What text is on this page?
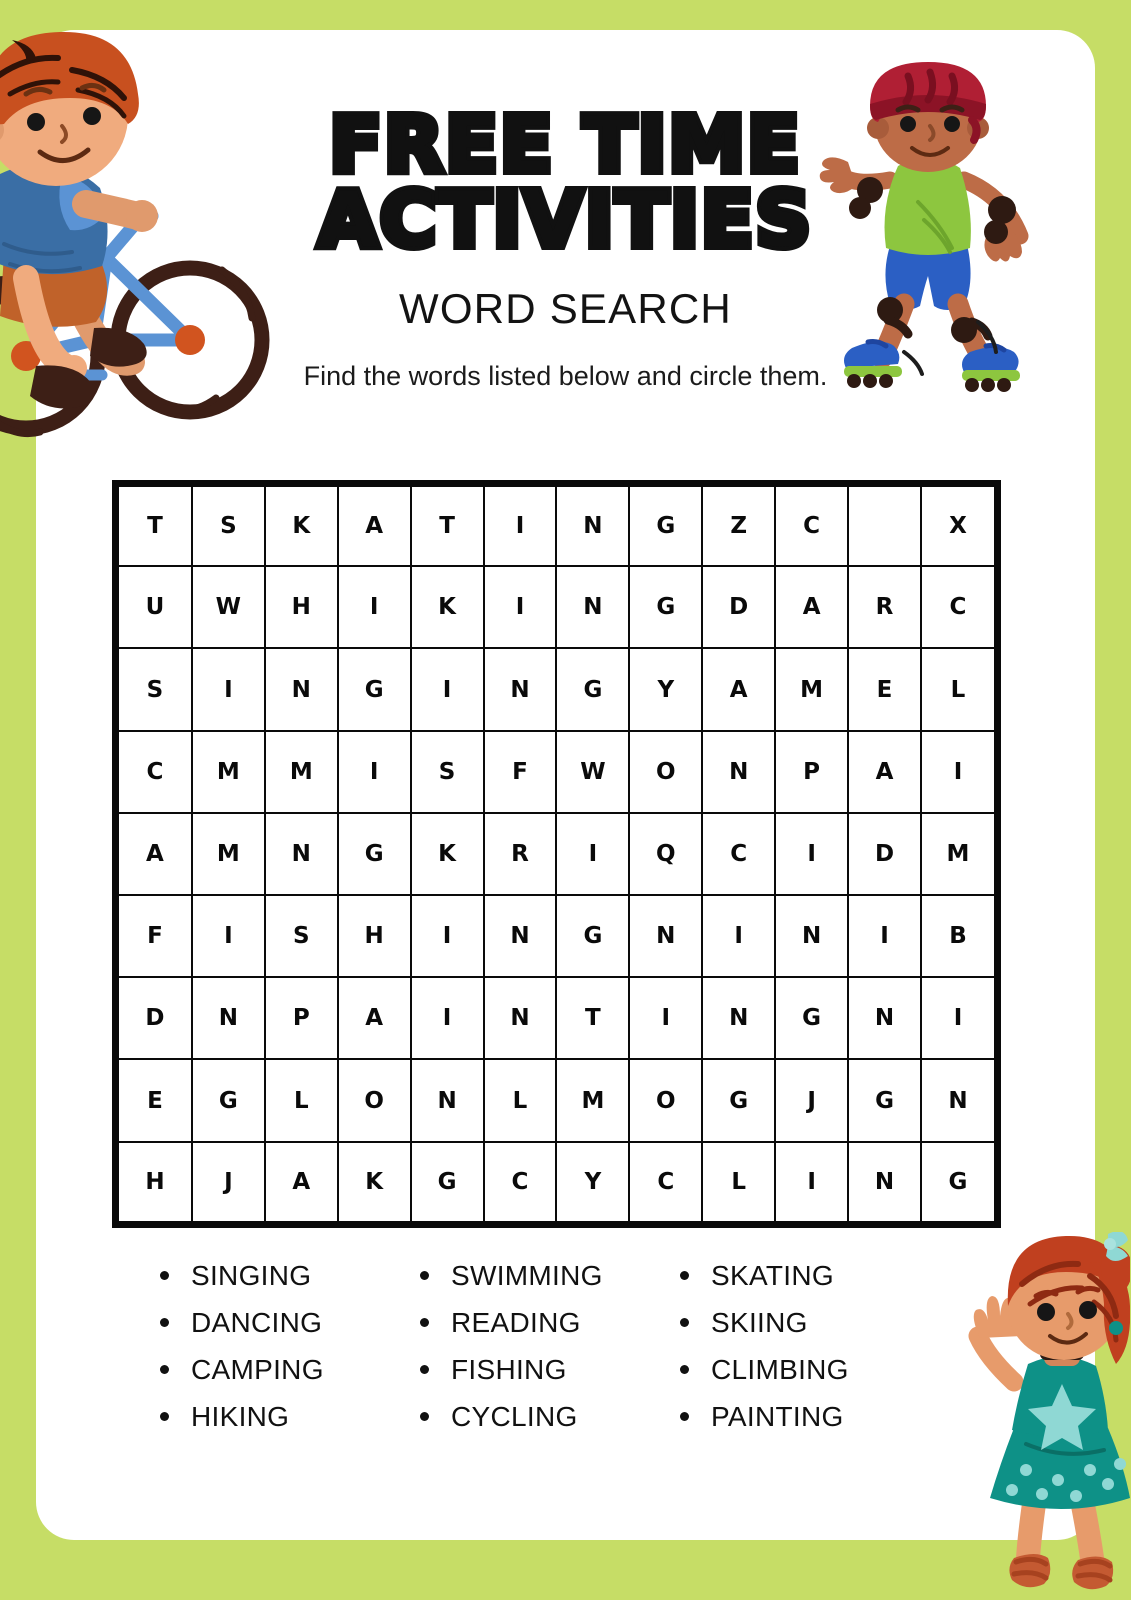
FREE TIME
ACTIVITIES
WORD SEARCH
Find the words listed below and circle them.
T	S	K	A	T	I	N	G	Z	C		X
U	W	H	I	K	I	N	G	D	A	R	C
S	I	N	G	I	N	G	Y	A	M	E	L
C	M	M	I	S	F	W	O	N	P	A	I
A	M	N	G	K	R	I	Q	C	I	D	M
F	I	S	H	I	N	G	N	I	N	I	B
D	N	P	A	I	N	T	I	N	G	N	I
E	G	L	O	N	L	M	O	G	J	G	N
H	J	A	K	G	C	Y	C	L	I	N	G
SINGING
DANCING
CAMPING
HIKING
SWIMMING
READING
FISHING
CYCLING
SKATING
SKIING
CLIMBING
PAINTING
